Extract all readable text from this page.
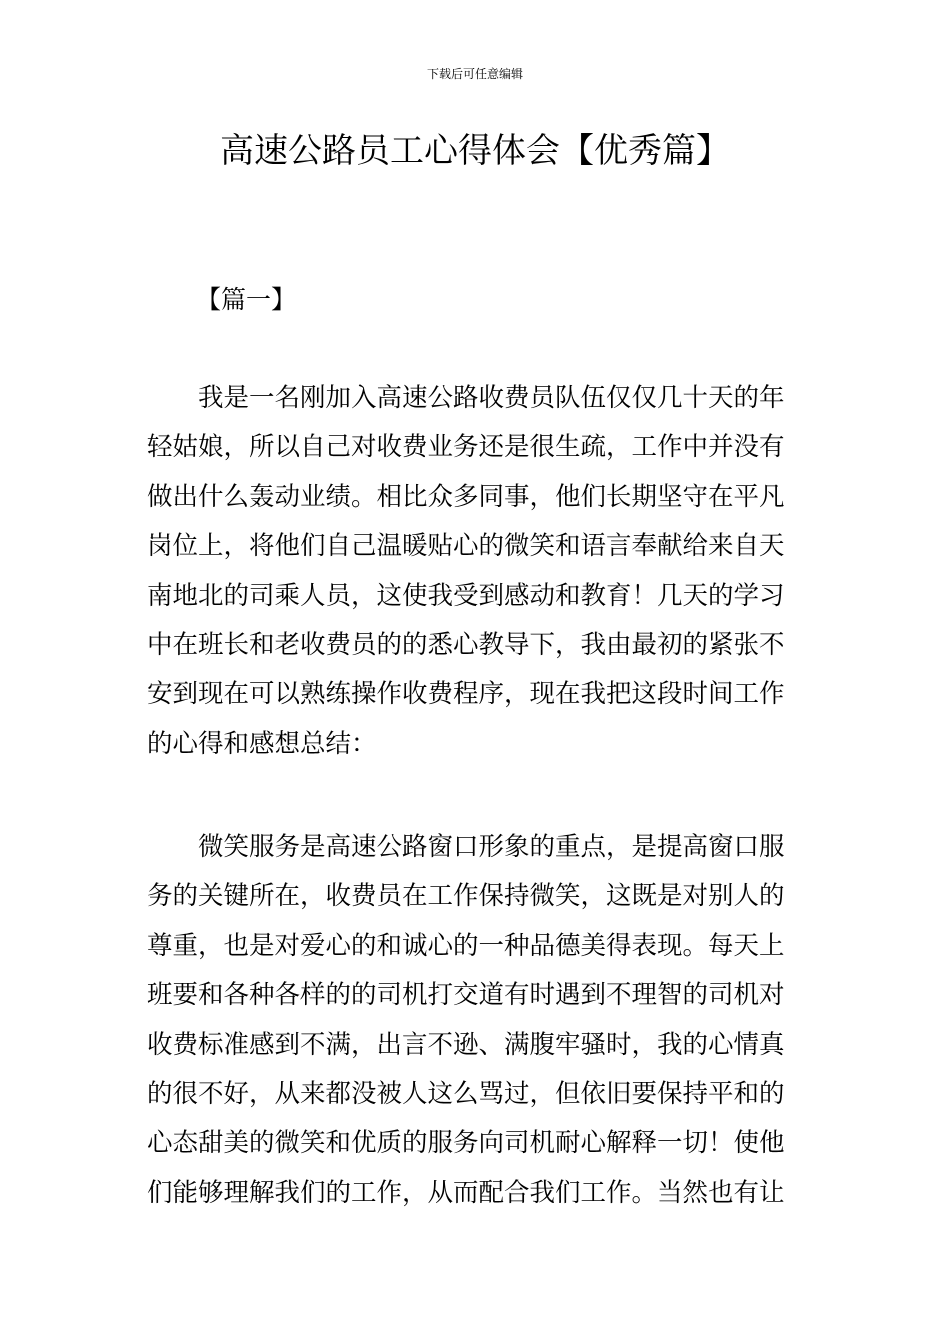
下载后可任意编辑
高速公路员工心得体会【优秀篇】
【篇一】
我是一名刚加入高速公路收费员队伍仅仅几十天的年
轻姑娘，所以自己对收费业务还是很生疏，工作中并没有
做出什么轰动业绩。相比众多同事，他们长期坚守在平凡
岗位上，将他们自己温暖贴心的微笑和语言奉献给来自天
南地北的司乘人员，这使我受到感动和教育！几天的学习
中在班长和老收费员的的悉心教导下，我由最初的紧张不
安到现在可以熟练操作收费程序，现在我把这段时间工作
的心得和感想总结：
微笑服务是高速公路窗口形象的重点，是提高窗口服
务的关键所在，收费员在工作保持微笑，这既是对别人的
尊重，也是对爱心的和诚心的一种品德美得表现。每天上
班要和各种各样的的司机打交道有时遇到不理智的司机对
收费标准感到不满，出言不逊、满腹牢骚时，我的心情真
的很不好，从来都没被人这么骂过，但依旧要保持平和的
心态甜美的微笑和优质的服务向司机耐心解释一切！使他
们能够理解我们的工作，从而配合我们工作。当然也有让
